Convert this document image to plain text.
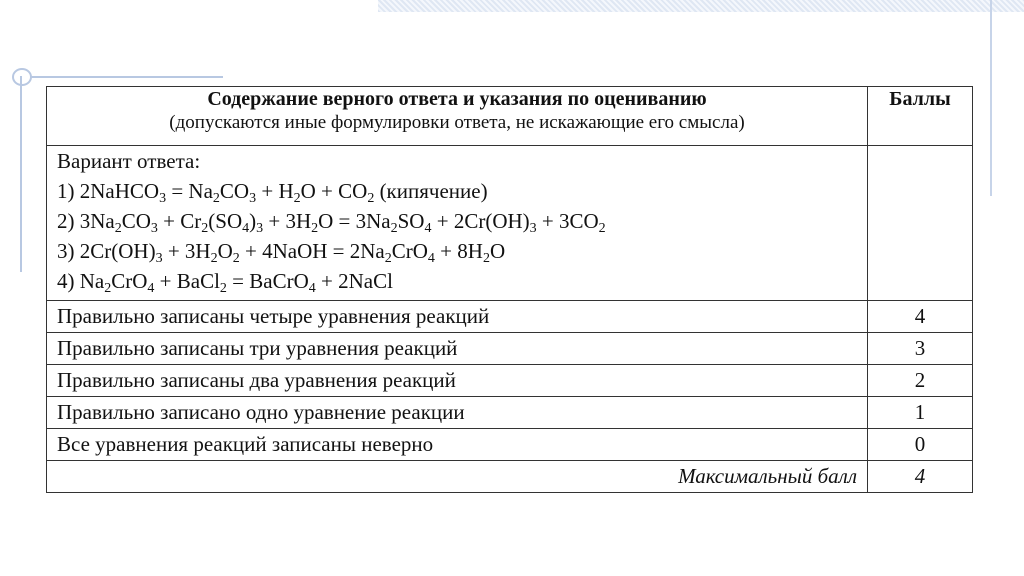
Содержание верного ответа и указания по оцениванию
(допускаются иные формулировки ответа, не искажающие его смысла)	Баллы

Вариант ответа:
1) 2NaHCO$_3$ = $Na_2CO_3 + H_2O + CO_2$ (кипячение)
2) $3Na_2CO_3 + Cr_2(SO_4)_3 + 3H_2O = 3Na_2SO_4 + 2Cr(OH)_3 + 3CO_2$
3) $2Cr(OH)_3 + 3H_2O_2$ + 4NaOH = $2Na_2CrO_4 + 8H_2O$
4) $Na_2CrO_4$ + BaCl$_2$ = BaCrO$_4$ + 2NaCl	

Правильно записаны четыре уравнения реакций	4
Правильно записаны три уравнения реакций	3
Правильно записаны два уравнения реакций	2
Правильно записано одно уравнение реакции	1
Все уравнения реакций записаны неверно	0
Максимальный балл	4
